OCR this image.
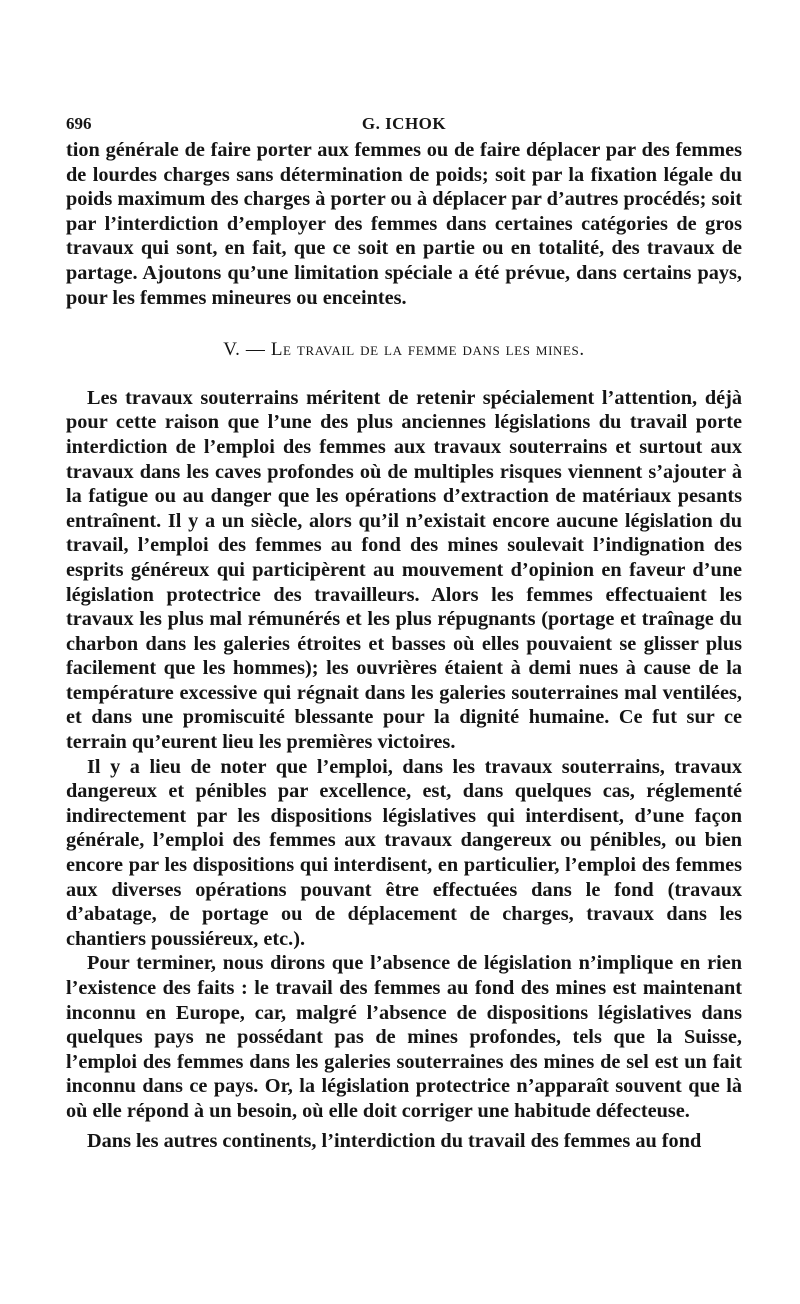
696	G. ICHOK

tion générale de faire porter aux femmes ou de faire déplacer par des femmes de lourdes charges sans détermination de poids; soit par la fixation légale du poids maximum des charges à porter ou à déplacer par d’autres procédés; soit par l’interdiction d’employer des femmes dans certaines catégories de gros travaux qui sont, en fait, que ce soit en partie ou en totalité, des travaux de partage. Ajoutons qu’une limitation spéciale a été prévue, dans certains pays, pour les femmes mineures ou enceintes.

V. — Le travail de la femme dans les mines.

Les travaux souterrains méritent de retenir spécialement l’attention, déjà pour cette raison que l’une des plus anciennes législations du travail porte interdiction de l’emploi des femmes aux travaux souterrains et surtout aux travaux dans les caves profondes où de multiples risques viennent s’ajouter à la fatigue ou au danger que les opérations d’extraction de matériaux pesants entraînent. Il y a un siècle, alors qu’il n’existait encore aucune législation du travail, l’emploi des femmes au fond des mines soulevait l’indignation des esprits généreux qui participèrent au mouvement d’opinion en faveur d’une législation protectrice des travailleurs. Alors les femmes effectuaient les travaux les plus mal rémunérés et les plus répugnants (portage et traînage du charbon dans les galeries étroites et basses où elles pouvaient se glisser plus facilement que les hommes); les ouvrières étaient à demi nues à cause de la température excessive qui régnait dans les galeries souterraines mal ventilées, et dans une promiscuité blessante pour la dignité humaine. Ce fut sur ce terrain qu’eurent lieu les premières victoires.

Il y a lieu de noter que l’emploi, dans les travaux souterrains, travaux dangereux et pénibles par excellence, est, dans quelques cas, réglementé indirectement par les dispositions législatives qui interdisent, d’une façon générale, l’emploi des femmes aux travaux dangereux ou pénibles, ou bien encore par les dispositions qui interdisent, en particulier, l’emploi des femmes aux diverses opérations pouvant être effectuées dans le fond (travaux d’abatage, de portage ou de déplacement de charges, travaux dans les chantiers poussiéreux, etc.).

Pour terminer, nous dirons que l’absence de législation n’implique en rien l’existence des faits : le travail des femmes au fond des mines est maintenant inconnu en Europe, car, malgré l’absence de dispositions législatives dans quelques pays ne possédant pas de mines profondes, tels que la Suisse, l’emploi des femmes dans les galeries souterraines des mines de sel est un fait inconnu dans ce pays. Or, la législation protectrice n’apparaît souvent que là où elle répond à un besoin, où elle doit corriger une habitude défecteuse.

Dans les autres continents, l’interdiction du travail des femmes au fond
